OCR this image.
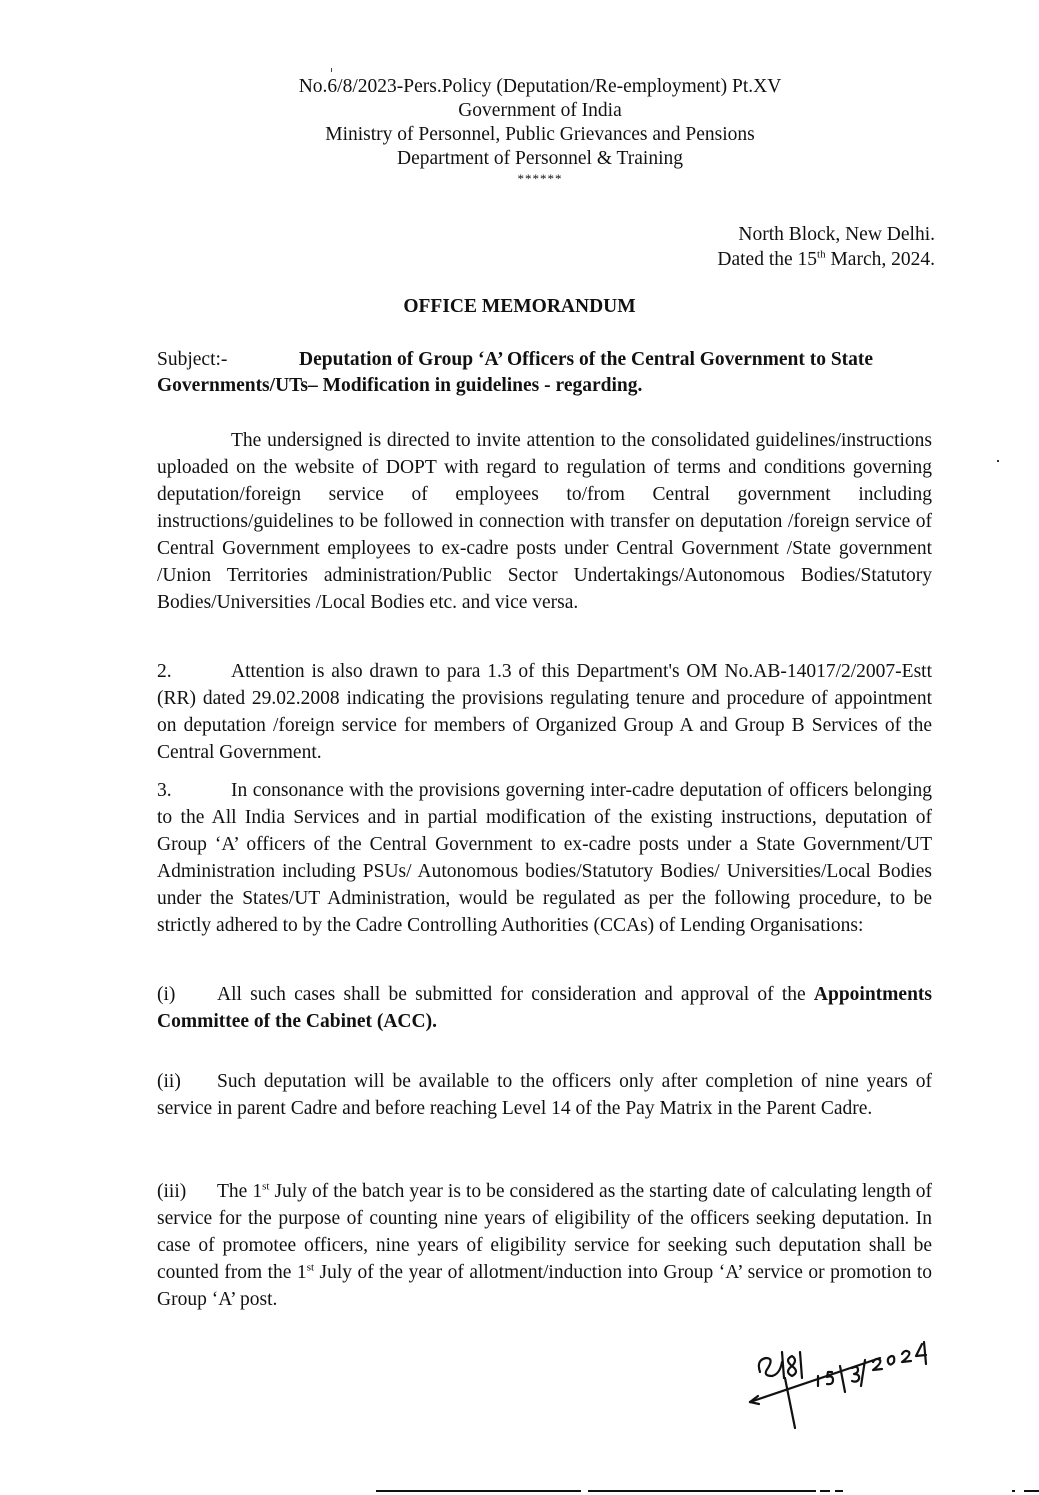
No.6/8/2023-Pers.Policy (Deputation/Re-employment) Pt.XV
Government of India
Ministry of Personnel, Public Grievances and Pensions
Department of Personnel & Training
******
North Block, New Delhi.
Dated the 15th March, 2024.
OFFICE MEMORANDUM
Subject:-	Deputation of Group ‘A’ Officers of the Central Government to State Governments/UTs– Modification in guidelines - regarding.
The undersigned is directed to invite attention to the consolidated guidelines/instructions uploaded on the website of DOPT with regard to regulation of terms and conditions governing deputation/foreign service of employees to/from Central government including instructions/guidelines to be followed in connection with transfer on deputation /foreign service of Central Government employees to ex-cadre posts under Central Government /State government /Union Territories administration/Public Sector Undertakings/Autonomous Bodies/Statutory Bodies/Universities /Local Bodies etc. and vice versa.
2.	Attention is also drawn to para 1.3 of this Department's OM No.AB-14017/2/2007-Estt (RR) dated 29.02.2008 indicating the provisions regulating tenure and procedure of appointment on deputation /foreign service for members of Organized Group A and Group B Services of the Central Government.
3.	In consonance with the provisions governing inter-cadre deputation of officers belonging to the All India Services and in partial modification of the existing instructions, deputation of Group ‘A’ officers of the Central Government to ex-cadre posts under a State Government/UT Administration including PSUs/ Autonomous bodies/Statutory Bodies/ Universities/Local Bodies under the States/UT Administration, would be regulated as per the following procedure, to be strictly adhered to by the Cadre Controlling Authorities (CCAs) of Lending Organisations:
(i) All such cases shall be submitted for consideration and approval of the Appointments Committee of the Cabinet (ACC).
(ii) Such deputation will be available to the officers only after completion of nine years of service in parent Cadre and before reaching Level 14 of the Pay Matrix in the Parent Cadre.
(iii) The 1st July of the batch year is to be considered as the starting date of calculating length of service for the purpose of counting nine years of eligibility of the officers seeking deputation. In case of promotee officers, nine years of eligibility service for seeking such deputation shall be counted from the 1st July of the year of allotment/induction into Group ‘A’ service or promotion to Group ‘A’ post.
